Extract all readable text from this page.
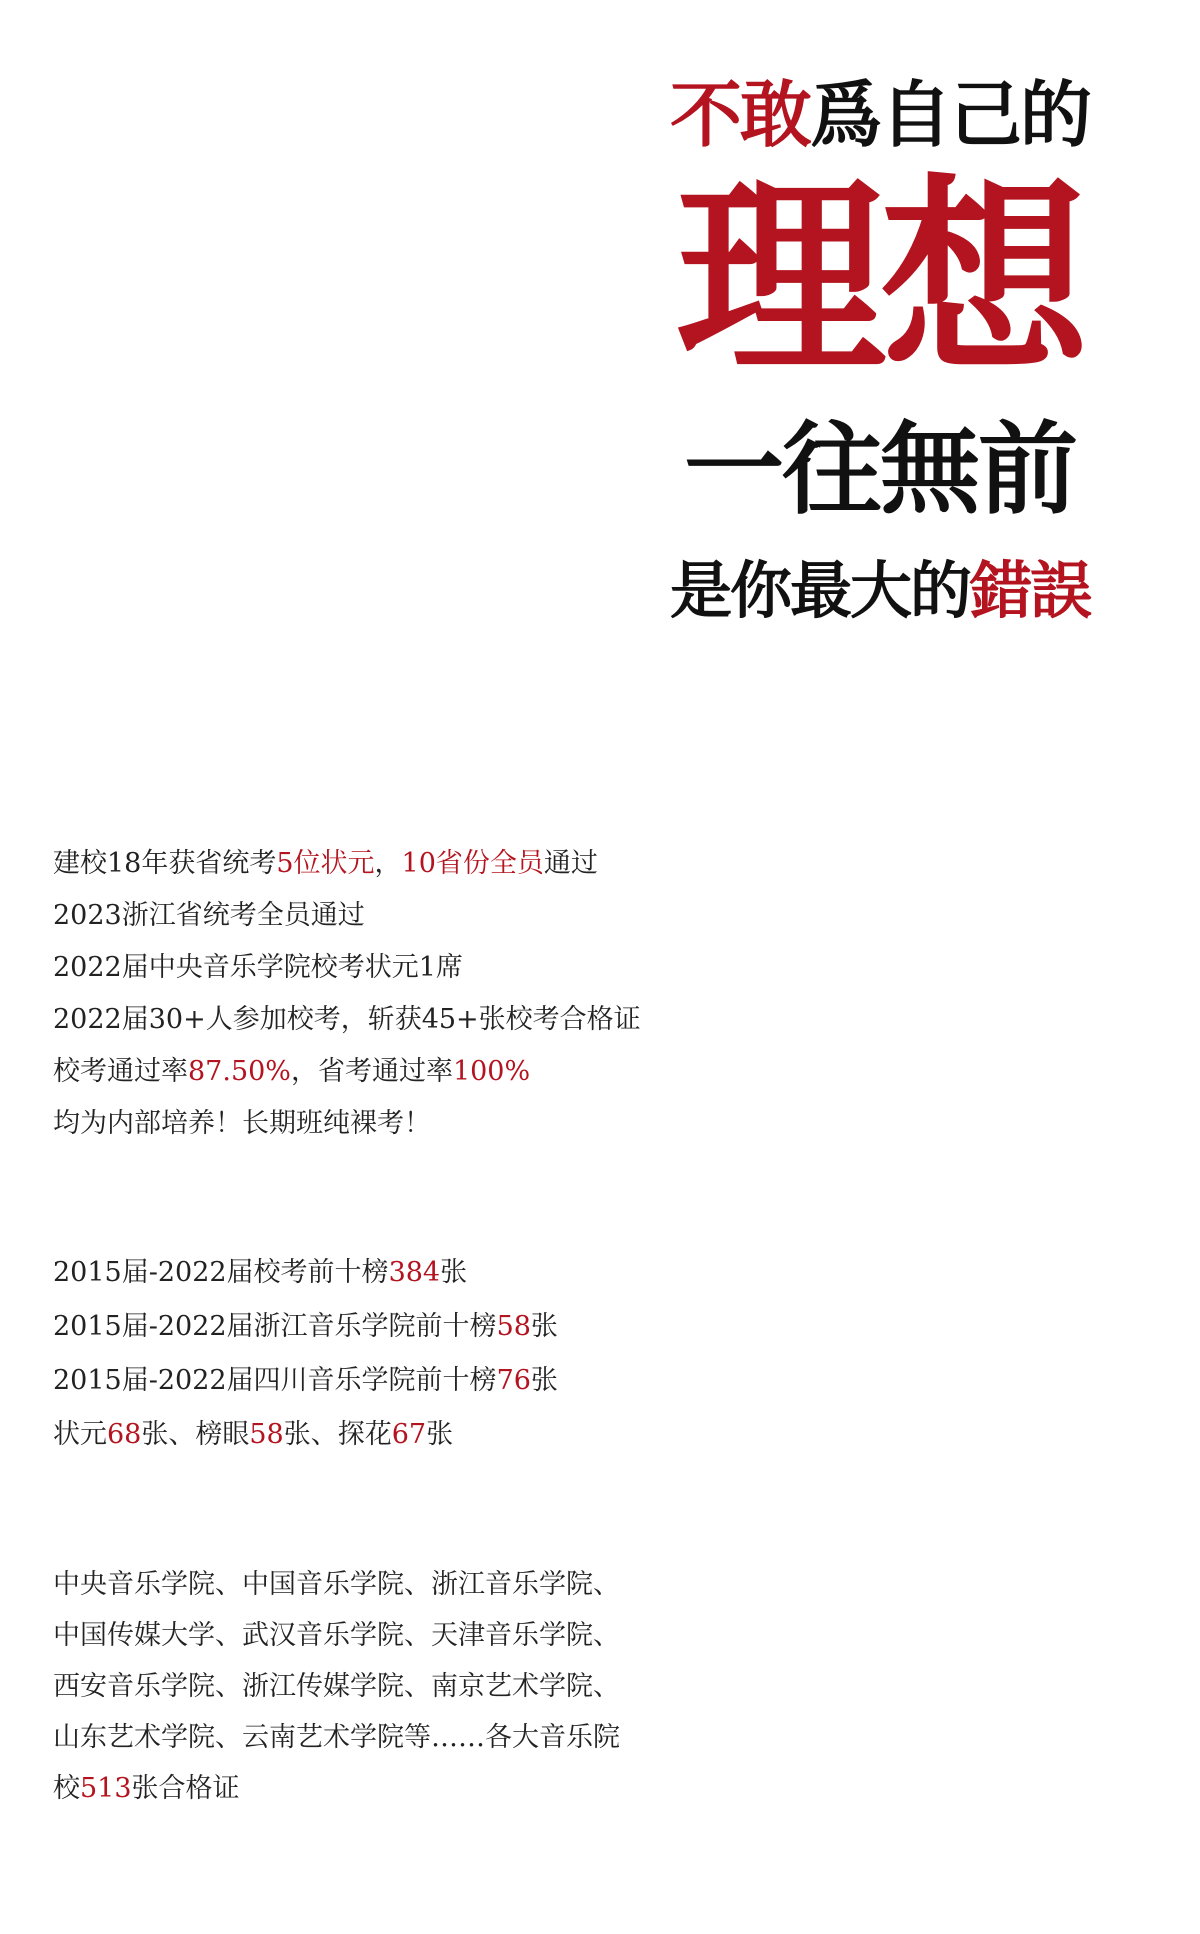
不敢爲自己的
理想
一往無前
是你最大的錯誤

建校18年获省统考5位状元，10省份全员通过

2023浙江省统考全员通过

2022届中央音乐学院校考状元1席

2022届30+人参加校考，斩获45+张校考合格证

校考通过率87.50%，省考通过率100%

均为内部培养！长期班纯裸考！

2015届-2022届校考前十榜384张

2015届-2022届浙江音乐学院前十榜58张

2015届-2022届四川音乐学院前十榜76张

状元68张、榜眼58张、探花67张

中央音乐学院、中国音乐学院、浙江音乐学院、

中国传媒大学、武汉音乐学院、天津音乐学院、

西安音乐学院、浙江传媒学院、南京艺术学院、

山东艺术学院、云南艺术学院等……各大音乐院

校513张合格证
